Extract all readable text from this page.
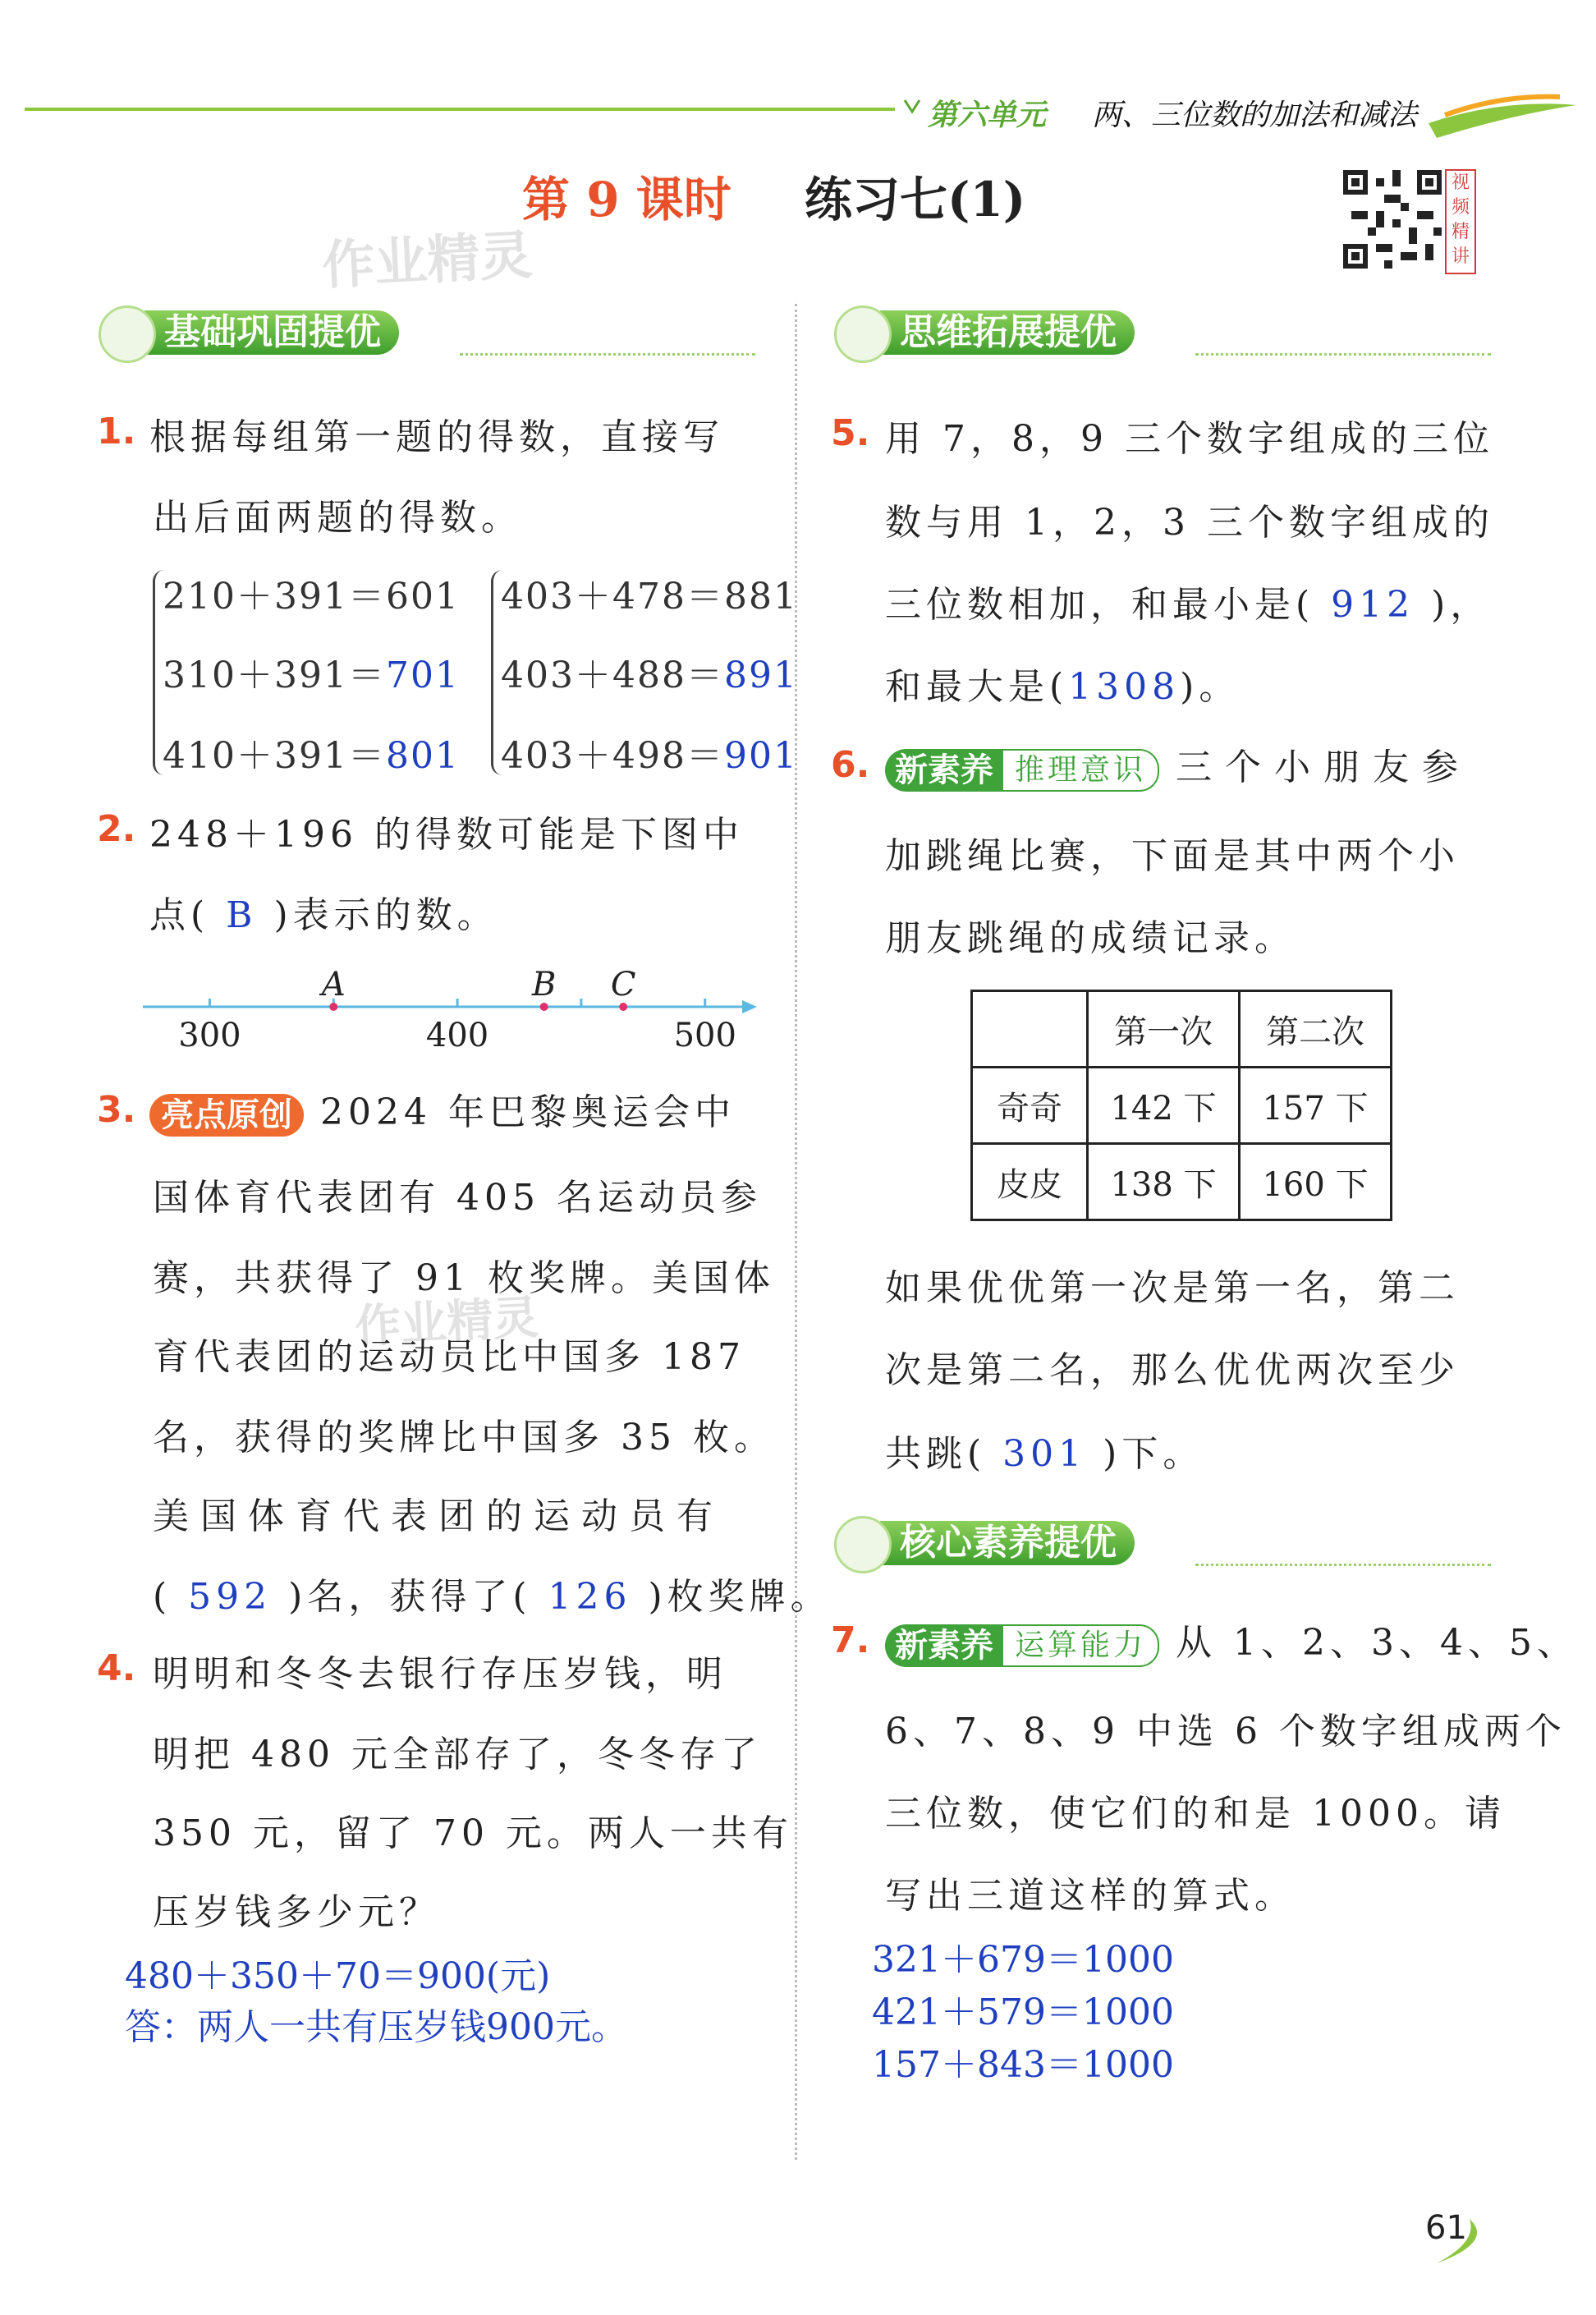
第六单元 两、三位数的加法和减法
第 9 课时 练习七(1)
作业精灵
视频精讲
基础巩固提优
1. 根据每组第一题的得数，直接写
出后面两题的得数。
210＋391＝601
310＋391＝701
410＋391＝801
403＋478＝881
403＋488＝891
403＋498＝901
2. 248＋196 的得数可能是下图中
点( B )表示的数。
300	400	500
A	B C
3. 亮点原创 2024 年巴黎奥运会中
国体育代表团有 405 名运动员参
赛，共获得了 91 枚奖牌。美国体
作业精灵
育代表团的运动员比中国多 187
名，获得的奖牌比中国多 35 枚。
美国体育代表团的运动员有
( 592 )名，获得了( 126 )枚奖牌。
4. 明明和冬冬去银行存压岁钱，明
明把 480 元全部存了，冬冬存了
350 元，留了 70 元。两人一共有
压岁钱多少元？
480＋350＋70＝900(元)
答：两人一共有压岁钱900元。
思维拓展提优
5. 用 7，8，9 三个数字组成的三位
数与用 1，2，3 三个数字组成的
三位数相加，和最小是( 912 )，
和最大是(1308)。
6. 新素养 推理意识 三个小朋友参
加跳绳比赛，下面是其中两个小
朋友跳绳的成绩记录。
	第一次	第二次
奇奇	142 下	157 下
皮皮	138 下	160 下
如果优优第一次是第一名，第二
次是第二名，那么优优两次至少
共跳( 301 )下。
核心素养提优
7. 新素养 运算能力 从 1、2、3、4、5、
6、7、8、9 中选 6 个数字组成两个
三位数，使它们的和是 1000。请
写出三道这样的算式。
321＋679＝1000
421＋579＝1000
157＋843＝1000
61
